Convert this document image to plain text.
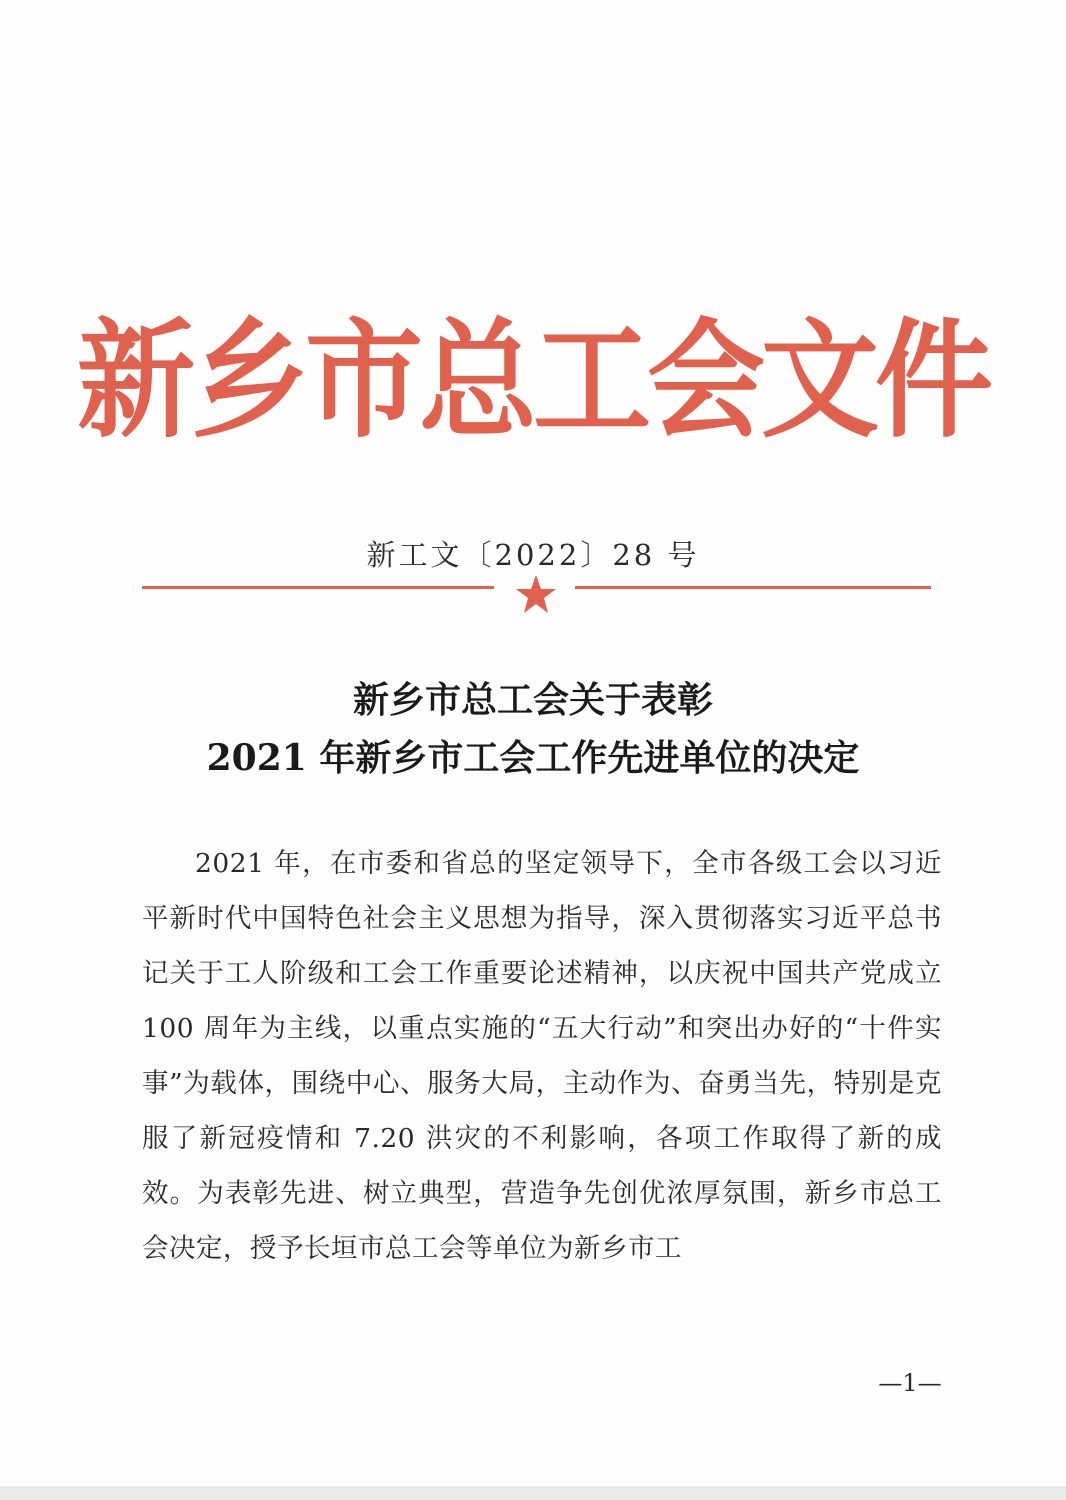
新乡市总工会文件
新工文〔2022〕28 号
新乡市总工会关于表彰
2021 年新乡市工会工作先进单位的决定

2021 年，在市委和省总的坚定领导下，全市各级工会以习近平新时代中国特色社会主义思想为指导，深入贯彻落实习近平总书记关于工人阶级和工会工作重要论述精神，以庆祝中国共产党成立 100 周年为主线，以重点实施的“五大行动”和突出办好的“十件实事”为载体，围绕中心、服务大局，主动作为、奋勇当先，特别是克服了新冠疫情和 7.20 洪灾的不利影响，各项工作取得了新的成效。为表彰先进、树立典型，营造争先创优浓厚氛围，新乡市总工会决定，授予长垣市总工会等单位为新乡市工

—1—
